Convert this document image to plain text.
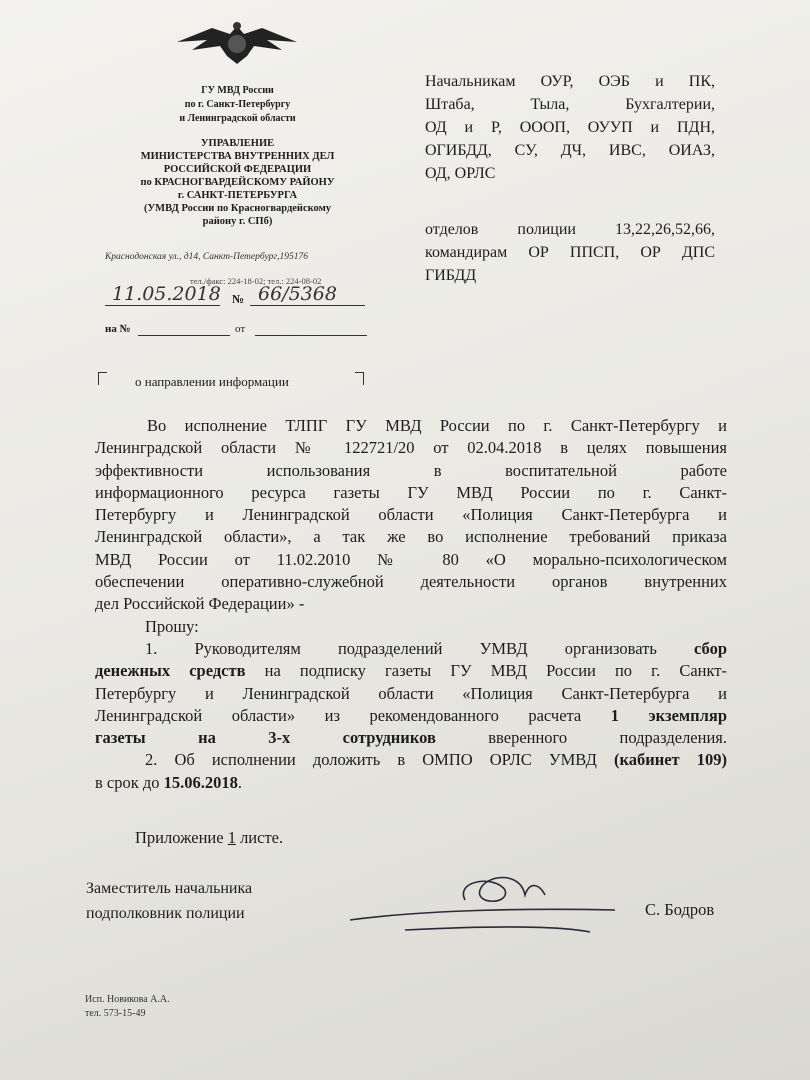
ГУ МВД России
по г. Санкт-Петербургу
и Ленинградской области
УПРАВЛЕНИЕ
МИНИСТЕРСТВА ВНУТРЕННИХ ДЕЛ
РОССИЙСКОЙ ФЕДЕРАЦИИ
по КРАСНОГВАРДЕЙСКОМУ РАЙОНУ
г. САНКТ-ПЕТЕРБУРГА
(УМВД России по Красногвардейскому
району г. СПб)
Краснодонская ул., д14, Санкт-Петербург,195176
тел./факс: 224-18-02; тел.: 224-08-02
11.05.2018 № 66/5368
на №	от
Начальникам ОУР, ОЭБ и ПК,
Штаба, Тыла, Бухгалтерии,
ОД и Р, ОООП, ОУУП и ПДН,
ОГИБДД, СУ, ДЧ, ИВС, ОИАЗ,
ОД, ОРЛС
отделов полиции 13,22,26,52,66,
командирам ОР ППСП, ОР ДПС
ГИБДД
о направлении информации
Во исполнение ТЛПГ ГУ МВД России по г. Санкт-Петербургу и
Ленинградской области № 122721/20 от 02.04.2018 в целях повышения
эффективности использования в воспитательной работе
информационного ресурса газеты ГУ МВД России по г. Санкт-
Петербургу и Ленинградской области «Полиция Санкт-Петербурга и
Ленинградской области», а так же во исполнение требований приказа
МВД России от 11.02.2010 № 80 «О морально-психологическом
обеспечении оперативно-служебной деятельности органов внутренних
дел Российской Федерации» -
Прошу:
1. Руководителям подразделений УМВД организовать сбор
денежных средств на подписку газеты ГУ МВД России по г. Санкт-
Петербургу и Ленинградской области «Полиция Санкт-Петербурга и
Ленинградской области» из рекомендованного расчета 1 экземпляр
газеты на 3-х сотрудников вверенного подразделения.
2. Об исполнении доложить в ОМПО ОРЛС УМВД (кабинет 109)
в срок до 15.06.2018.
Приложение 1 листе.
Заместитель начальника
подполковник полиции	С. Бодров
Исп. Новикова А.А.
тел. 573-15-49
